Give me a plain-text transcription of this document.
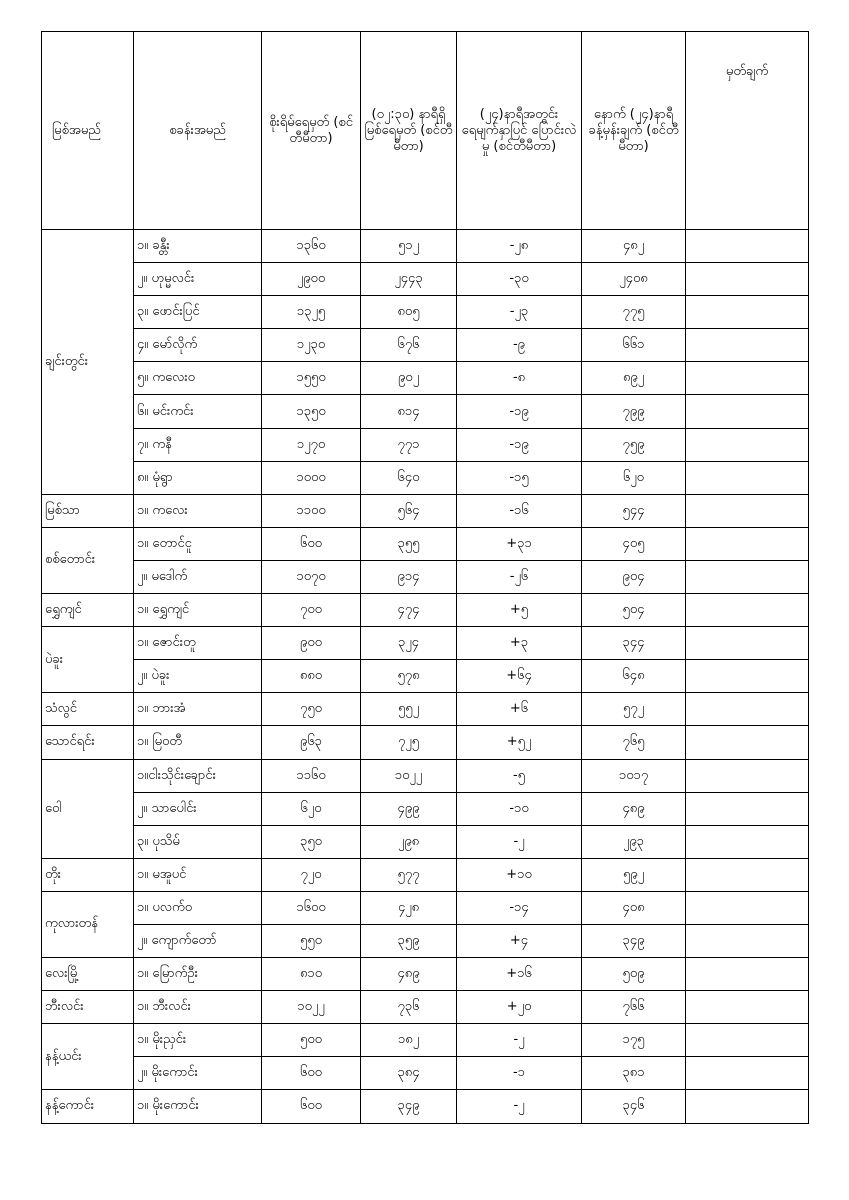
မြစ်အမည်	စခန်းအမည်	စိုးရိမ်ရေမှတ် (စင်တီမီတာ)	(၀၂:၃၀) နာရီရှိ မြစ်ရေမှတ် (စင်တီမီတာ)	(၂၄)နာရီအတွင်း ရေမျက်နှာပြင် ပြောင်းလဲမှု (စင်တီမီတာ)	နောက် (၂၄)နာရီ ခန့်မှန်းချက် (စင်တီမီတာ)	မှတ်ချက်
ချင်းတွင်း	၁။ ခန္တီး	၁၃၆၀	၅၁၂	-၂၈	၄၈၂	
	၂။ ဟုမ္မလင်း	၂၉၀၀	၂၄၄၃	-၃၀	၂၄၀၈	
	၃။ ဖောင်းပြင်	၁၃၂၅	၈၀၅	-၂၃	၇၇၅	
	၄။ မော်လိုက်	၁၂၃၀	၆၇၆	-၉	၆၆၁	
	၅။ ကလေးဝ	၁၅၅၀	၉၀၂	-၈	၈၉၂	
	၆။ မင်းကင်း	၁၃၅၀	၈၁၄	-၁၉	၇၉၉	
	၇။ ကနီ	၁၂၇၀	၇၇၁	-၁၉	၇၅၉	
	၈။ မုံရွာ	၁၀၀၀	၆၄၀	-၁၅	၆၂၀	
မြစ်သာ	၁။ ကလေး	၁၁၀၀	၅၆၄	-၁၆	၅၄၄	
စစ်တောင်း	၁။ တောင်ငူ	၆၀၀	၃၅၅	+၃၁	၄၀၅	
	၂။ မဒေါက်	၁၀၇၀	၉၁၄	-၂၆	၉၀၄	
ရွှေကျင်	၁။ ရွှေကျင်	၇၀၀	၄၇၄	+၅	၅၀၄	
ပဲခူး	၁။ ဇောင်းတူ	၉၀၀	၃၂၄	+၃	၃၄၄	
	၂။ ပဲခူး	၈၈၀	၅၇၈	+၆၄	၆၄၈	
သံလွင်	၁။ ဘားအံ	၇၅၀	၅၅၂	+၆	၅၇၂	
သောင်ရင်း	၁။ မြဝတီ	၉၆၃	၇၂၅	+၅၂	၇၆၅	
ဝေါ	၁။ငါးသိုင်းချောင်း	၁၁၆၀	၁၀၂၂	-၅	၁၀၁၇	
	၂။ သာပေါင်း	၆၂၀	၄၉၉	-၁၀	၄၈၉	
	၃။ ပုသိမ်	၃၅၀	၂၉၈	-၂	၂၉၃	
တိုး	၁။ မအူပင်	၇၂၀	၅၇၇	+၁၀	၅၉၂	
ကုလားတန်	၁။ ပလက်ဝ	၁၆၀၀	၄၂၈	-၁၄	၄၀၈	
	၂။ ကျောက်တော်	၅၅၀	၃၅၉	+၄	၃၄၉	
လေးမြို့	၁။ မြောက်ဦး	၈၁၀	၄၈၉	+၁၆	၅၀၉	
ဘီးလင်း	၁။ ဘီးလင်း	၁၀၂၂	၇၃၆	+၂၀	၇၆၆	
နန့်ယင်း	၁။ မိုးညှင်း	၅၀၀	၁၈၂	-၂	၁၇၅	
	၂။ မိုးကောင်း	၆၀၀	၃၈၄	-၁	၃၈၁	
နန့်ကောင်း	၁။ မိုးကောင်း	၆၀၀	၃၄၉	-၂	၃၄၆	
